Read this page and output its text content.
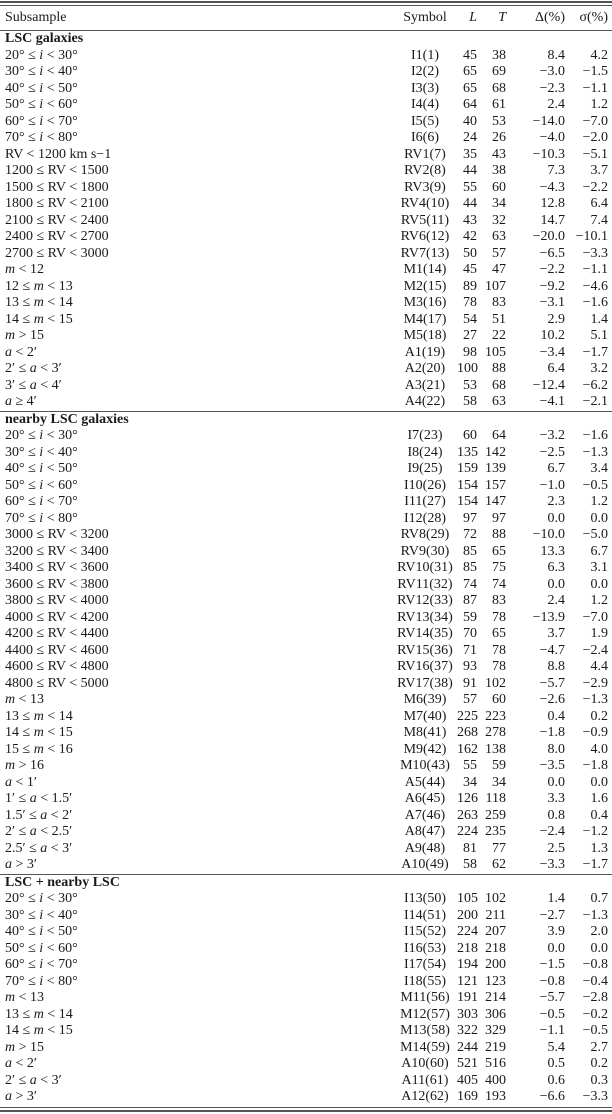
Subsample	Symbol	L	T	Δ(%)	σ(%)
LSC galaxies
20° ≤ i < 30°	I1(1)	45	38	8.4	4.2
30° ≤ i < 40°	I2(2)	65	69	−3.0	−1.5
40° ≤ i < 50°	I3(3)	65	68	−2.3	−1.1
50° ≤ i < 60°	I4(4)	64	61	2.4	1.2
60° ≤ i < 70°	I5(5)	40	53	−14.0	−7.0
70° ≤ i < 80°	I6(6)	24	26	−4.0	−2.0
RV < 1200 km s−1	RV1(7)	35	43	−10.3	−5.1
1200 ≤ RV < 1500	RV2(8)	44	38	7.3	3.7
1500 ≤ RV < 1800	RV3(9)	55	60	−4.3	−2.2
1800 ≤ RV < 2100	RV4(10) 44	34	12.8	6.4
2100 ≤ RV < 2400	RV5(11) 43	32	14.7	7.4
2400 ≤ RV < 2700	RV6(12) 42	63	−20.0 −10.1
2700 ≤ RV < 3000	RV7(13) 50	57	−6.5	−3.3
m < 12	M1(14)	45	47	−2.2	−1.1
12 ≤ m < 13	M2(15)	89 107	−9.2	−4.6
13 ≤ m < 14	M3(16)	78	83	−3.1	−1.6
14 ≤ m < 15	M4(17)	54	51	2.9	1.4
m > 15	M5(18)	27	22	10.2	5.1
a < 2′	A1(19)	98 105	−3.4	−1.7
2′ ≤ a < 3′	A2(20) 100	88	6.4	3.2
3′ ≤ a < 4′	A3(21)	53	68	−12.4	−6.2
a ≥ 4′	A4(22)	58	63	−4.1	−2.1
nearby LSC galaxies
20° ≤ i < 30°	I7(23)	60	64	−3.2	−1.6
30° ≤ i < 40°	I8(24)	135 142	−2.5	−1.3
40° ≤ i < 50°	I9(25)	159 139	6.7	3.4
50° ≤ i < 60°	I10(26) 154 157	−1.0	−0.5
60° ≤ i < 70°	I11(27) 154 147	2.3	1.2
70° ≤ i < 80°	I12(28)	97	97	0.0	0.0
3000 ≤ RV < 3200	RV8(29) 72	88	−10.0	−5.0
3200 ≤ RV < 3400	RV9(30) 85	65	13.3	6.7
3400 ≤ RV < 3600	RV10(31) 85	75	6.3	3.1
3600 ≤ RV < 3800	RV11(32) 74	74	0.0	0.0
3800 ≤ RV < 4000	RV12(33) 87	83	2.4	1.2
4000 ≤ RV < 4200	RV13(34) 59	78	−13.9	−7.0
4200 ≤ RV < 4400	RV14(35) 70	65	3.7	1.9
4400 ≤ RV < 4600	RV15(36) 71	78	−4.7	−2.4
4600 ≤ RV < 4800	RV16(37) 93	78	8.8	4.4
4800 ≤ RV < 5000	RV17(38) 91 102	−5.7	−2.9
m < 13	M6(39)	57	60	−2.6	−1.3
13 ≤ m < 14	M7(40) 225 223	0.4	0.2
14 ≤ m < 15	M8(41) 268 278	−1.8	−0.9
15 ≤ m < 16	M9(42) 162 138	8.0	4.0
m > 16	M10(43) 55	59	−3.5	−1.8
a < 1′	A5(44)	34	34	0.0	0.0
1′ ≤ a < 1.5′	A6(45) 126 118	3.3	1.6
1.5′ ≤ a < 2′	A7(46) 263 259	0.8	0.4
2′ ≤ a < 2.5′	A8(47) 224 235	−2.4	−1.2
2.5′ ≤ a < 3′	A9(48)	81	77	2.5	1.3
a > 3′	A10(49)	58	62	−3.3	−1.7
LSC + nearby LSC
20° ≤ i < 30°	I13(50) 105 102	1.4	0.7
30° ≤ i < 40°	I14(51) 200 211	−2.7	−1.3
40° ≤ i < 50°	I15(52) 224 207	3.9	2.0
50° ≤ i < 60°	I16(53) 218 218	0.0	0.0
60° ≤ i < 70°	I17(54) 194 200	−1.5	−0.8
70° ≤ i < 80°	I18(55) 121 123	−0.8	−0.4
m < 13	M11(56) 191 214	−5.7	−2.8
13 ≤ m < 14	M12(57) 303 306	−0.5	−0.2
14 ≤ m < 15	M13(58) 322 329	−1.1	−0.5
m > 15	M14(59) 244 219	5.4	2.7
a < 2′	A10(60) 521 516	0.5	0.2
2′ ≤ a < 3′	A11(61) 405 400	0.6	0.3
a > 3′	A12(62) 169 193	−6.6	−3.3
